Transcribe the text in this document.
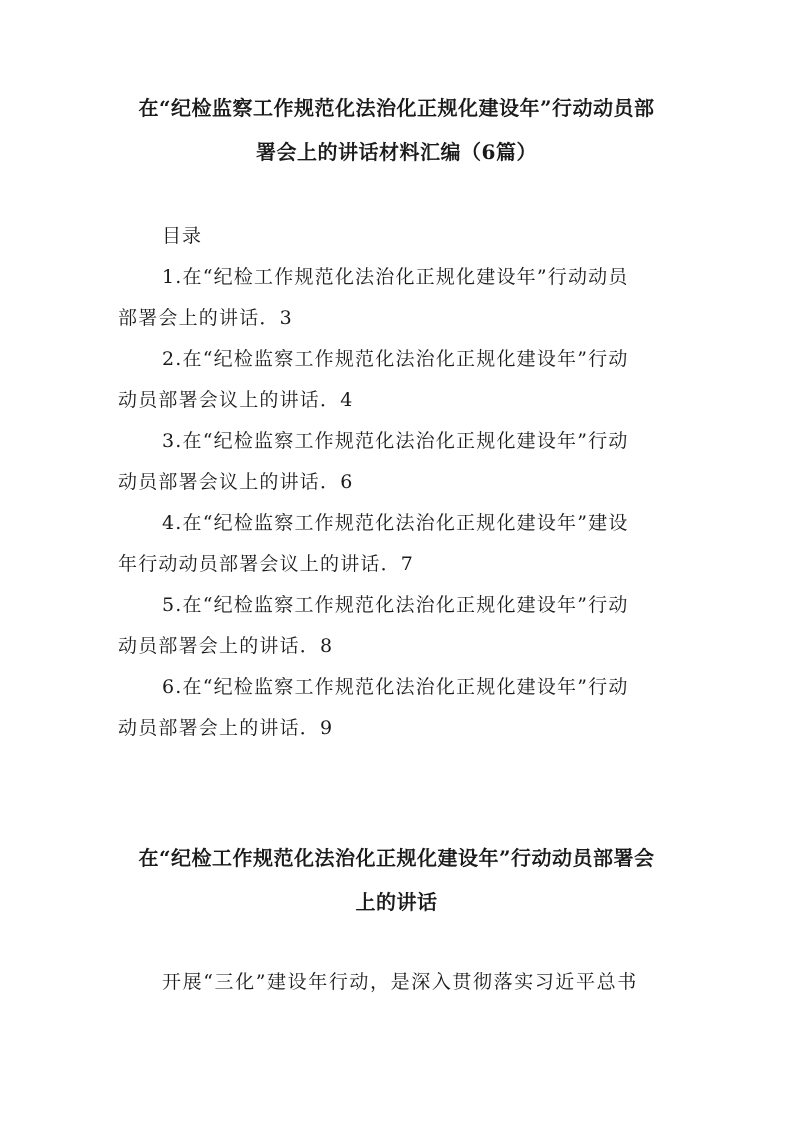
在“纪检监察工作规范化法治化正规化建设年”行动动员部
署会上的讲话材料汇编（6篇）
目录
1.在“纪检工作规范化法治化正规化建设年”行动动员
部署会上的讲话．3
2.在“纪检监察工作规范化法治化正规化建设年”行动
动员部署会议上的讲话．4
3.在“纪检监察工作规范化法治化正规化建设年”行动
动员部署会议上的讲话．6
4.在“纪检监察工作规范化法治化正规化建设年”建设
年行动动员部署会议上的讲话．7
5.在“纪检监察工作规范化法治化正规化建设年”行动
动员部署会上的讲话．8
6.在“纪检监察工作规范化法治化正规化建设年”行动
动员部署会上的讲话．9
在“纪检工作规范化法治化正规化建设年”行动动员部署会
上的讲话
开展“三化”建设年行动，是深入贯彻落实习近平总书
